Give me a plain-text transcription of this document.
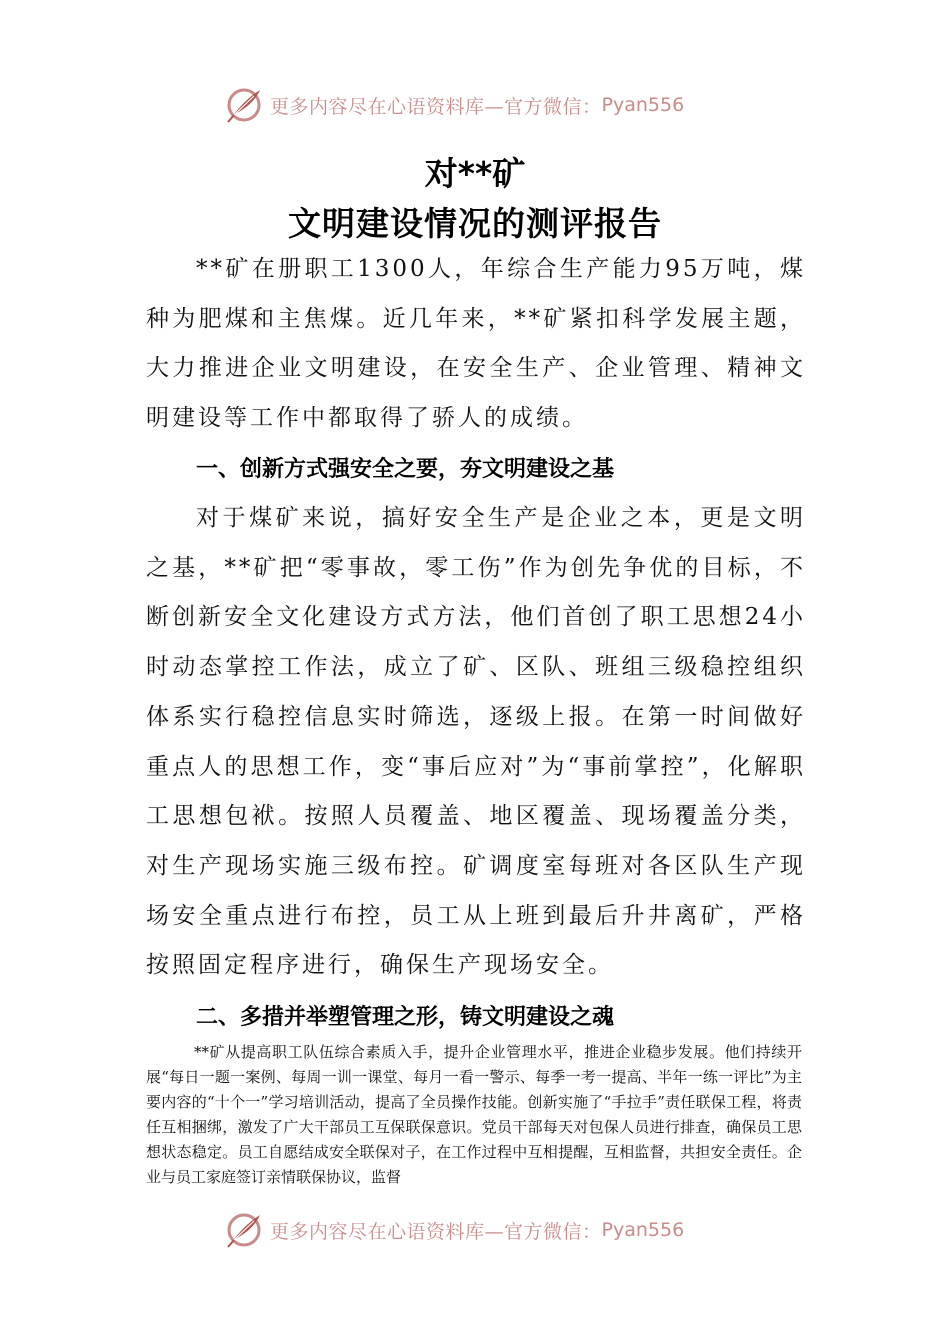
更多内容尽在心语资料库—官方微信： Pyan556
对**矿
文明建设情况的测评报告

**矿在册职工1300人，年综合生产能力95万吨，煤种为肥煤和主焦煤。近几年来，**矿紧扣科学发展主题，大力推进企业文明建设，在安全生产、企业管理、精神文明建设等工作中都取得了骄人的成绩。

一、创新方式强安全之要，夯文明建设之基

对于煤矿来说，搞好安全生产是企业之本，更是文明之基，**矿把“零事故，零工伤”作为创先争优的目标，不断创新安全文化建设方式方法，他们首创了职工思想24小时动态掌控工作法，成立了矿、区队、班组三级稳控组织体系实行稳控信息实时筛选，逐级上报。在第一时间做好重点人的思想工作，变“事后应对”为“事前掌控”，化解职工思想包袱。按照人员覆盖、地区覆盖、现场覆盖分类，对生产现场实施三级布控。矿调度室每班对各区队生产现场安全重点进行布控，员工从上班到最后升井离矿，严格按照固定程序进行，确保生产现场安全。

二、多措并举塑管理之形，铸文明建设之魂

**矿从提高职工队伍综合素质入手，提升企业管理水平，推进企业稳步发展。他们持续开展“每日一题一案例、每周一训一课堂、每月一看一警示、每季一考一提高、半年一练一评比”为主要内容的“十个一”学习培训活动，提高了全员操作技能。创新实施了“手拉手”责任联保工程，将责任互相捆绑，激发了广大干部员工互保联保意识。党员干部每天对包保人员进行排查，确保员工思想状态稳定。员工自愿结成安全联保对子，在工作过程中互相提醒，互相监督，共担安全责任。企业与员工家庭签订亲情联保协议，监督

更多内容尽在心语资料库—官方微信： Pyan556
